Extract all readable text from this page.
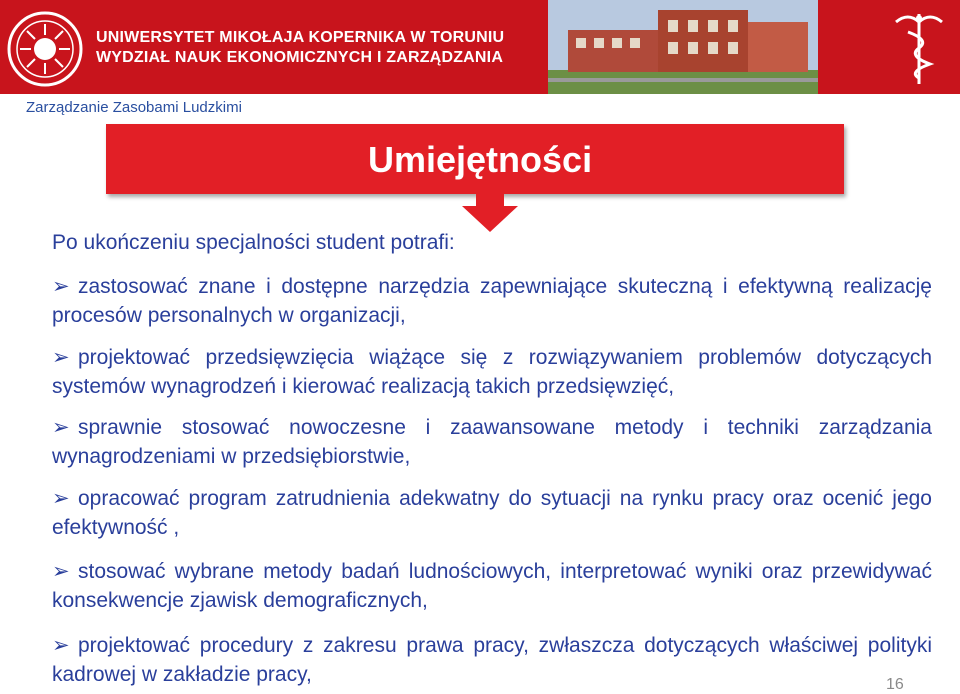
UNIWERSYTET MIKOŁAJA KOPERNIKA W TORUNIU
WYDZIAŁ NAUK EKONOMICZNYCH I ZARZĄDZANIA
Zarządzanie Zasobami Ludzkimi
Umiejętności
Po ukończeniu specjalności student potrafi:
➢ zastosować znane i dostępne narzędzia zapewniające skuteczną i efektywną realizację procesów personalnych w organizacji,
➢ projektować przedsięwzięcia wiążące się z rozwiązywaniem problemów dotyczących systemów wynagrodzeń i kierować realizacją takich przedsięwzięć,
➢ sprawnie stosować nowoczesne i zaawansowane metody i techniki zarządzania wynagrodzeniami w przedsiębiorstwie,
➢ opracować program zatrudnienia adekwatny do sytuacji na rynku pracy oraz ocenić jego efektywność ,
➢ stosować wybrane metody badań ludnościowych, interpretować wyniki oraz przewidywać konsekwencje zjawisk demograficznych,
➢ projektować procedury z zakresu prawa pracy, zwłaszcza dotyczących właściwej polityki kadrowej w zakładzie pracy,	16
